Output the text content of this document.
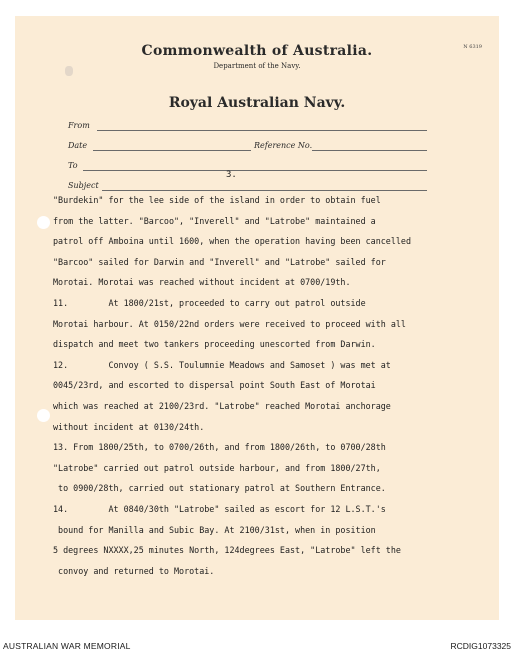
N 6319
Commonwealth of Australia.
Department of the Navy.
Royal Australian Navy.
From
Date	Reference No.
To
Subject
3.
"Burdekin" for the lee side of the island in order to obtain fuel
from the latter. "Barcoo", "Inverell" and "Latrobe" maintained a
patrol off Amboina until 1600, when the operation having been cancelled
"Barcoo" sailed for Darwin and "Inverell" and "Latrobe" sailed for
Morotai. Morotai was reached without incident at 0700/19th.
11.        At 1800/21st, proceeded to carry out patrol outside
Morotai harbour. At 0150/22nd orders were received to proceed with all
dispatch and meet two tankers proceeding unescorted from Darwin.
12.        Convoy ( S.S. Toulumnie Meadows and Samoset ) was met at
0045/23rd, and escorted to dispersal point South East of Morotai
which was reached at 2100/23rd. "Latrobe" reached Morotai anchorage
without incident at 0130/24th.
13. From 1800/25th, to 0700/26th, and from 1800/26th, to 0700/28th
"Latrobe" carried out patrol outside harbour, and from 1800/27th,
to 0900/28th, carried out stationary patrol at Southern Entrance.
14.        At 0840/30th "Latrobe" sailed as escort for 12 L.S.T.'s
bound for Manilla and Subic Bay. At 2100/31st, when in position
5 degrees NXXXX,25 minutes North, 124degrees East, "Latrobe" left the
convoy and returned to Morotai.
AUSTRALIAN WAR MEMORIAL	RCDIG1073325
